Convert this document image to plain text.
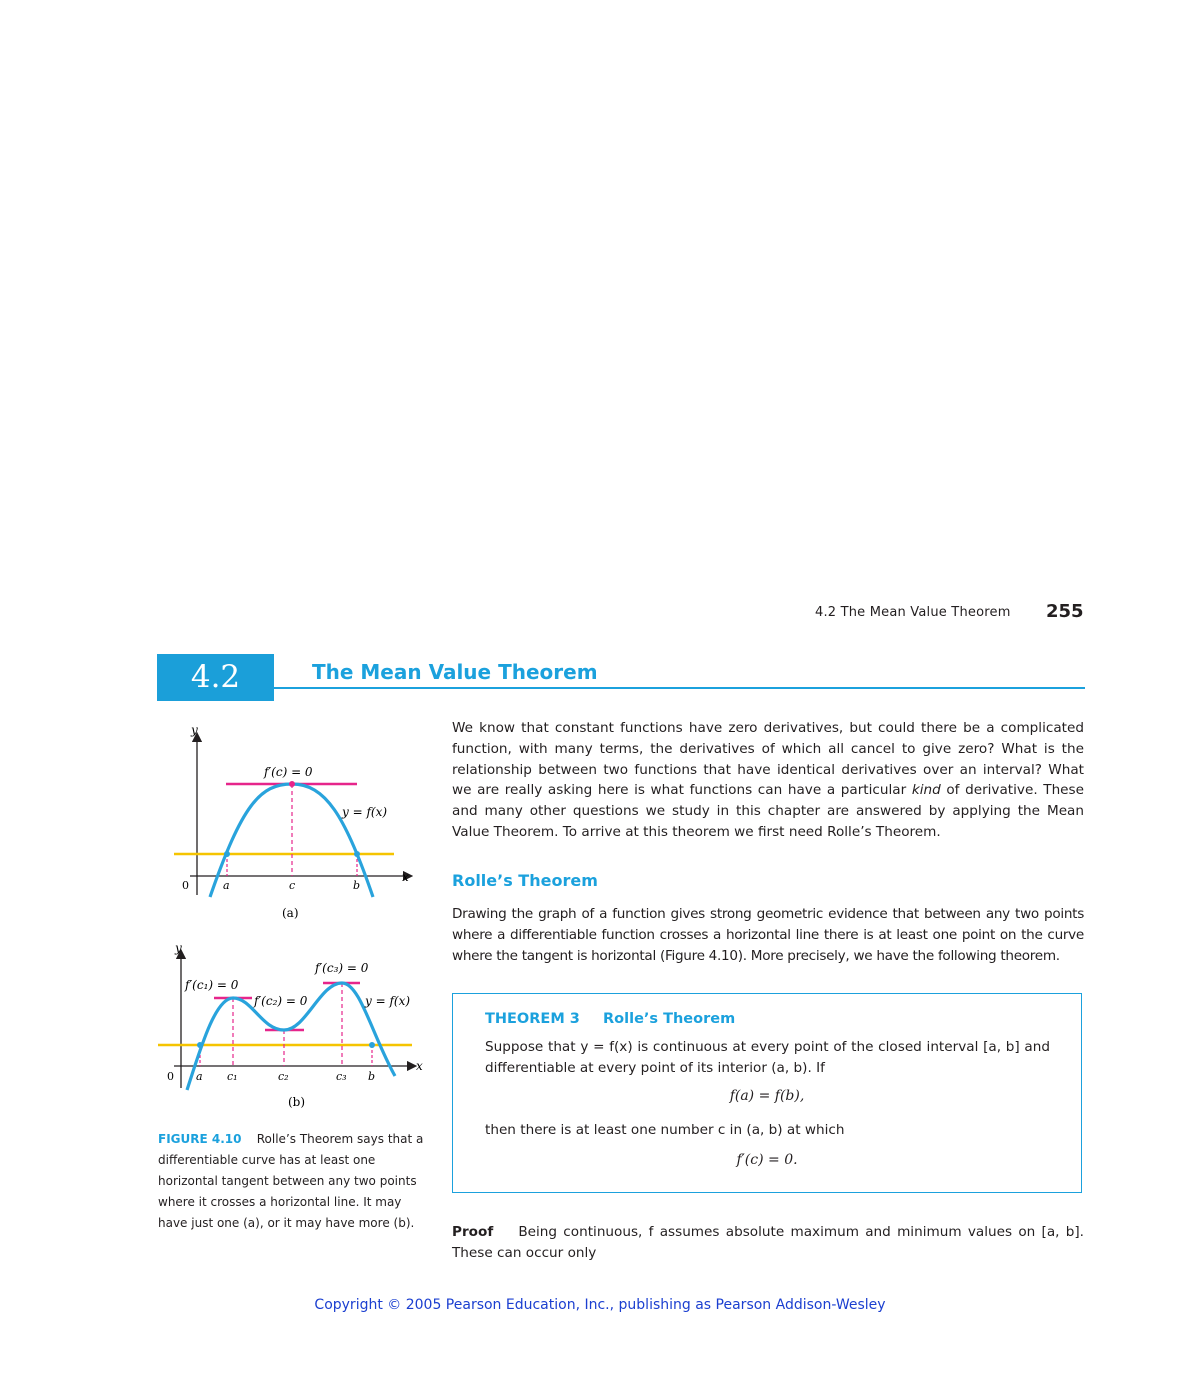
4.2 The Mean Value Theorem 255
4.2	The Mean Value Theorem
y
x
0
f′(c) = 0
y = f(x)
a	c	b
(a)
y
x
0
f′(c₁) = 0
f′(c₂) = 0
f′(c₃) = 0
y = f(x)
a c₁	c₂	c₃ b
(b)
FIGURE 4.10 Rolle’s Theorem says that a differentiable curve has at least one horizontal tangent between any two points where it crosses a horizontal line. It may have just one (a), or it may have more (b).

We know that constant functions have zero derivatives, but could there be a complicated function, with many terms, the derivatives of which all cancel to give zero? What is the relationship between two functions that have identical derivatives over an interval? What we are really asking here is what functions can have a particular kind of derivative. These and many other questions we study in this chapter are answered by applying the Mean Value Theorem. To arrive at this theorem we first need Rolle’s Theorem.

Rolle’s Theorem
Drawing the graph of a function gives strong geometric evidence that between any two points where a differentiable function crosses a horizontal line there is at least one point on the curve where the tangent is horizontal (Figure 4.10). More precisely, we have the following theorem.
THEOREM 3 Rolle’s Theorem
Suppose that y = f(x) is continuous at every point of the closed interval [a, b] and differentiable at every point of its interior (a, b). If
f(a) = f(b),
then there is at least one number c in (a, b) at which
f′(c) = 0.

Proof Being continuous, f assumes absolute maximum and minimum values on [a, b]. These can occur only

Copyright © 2005 Pearson Education, Inc., publishing as Pearson Addison-Wesley
